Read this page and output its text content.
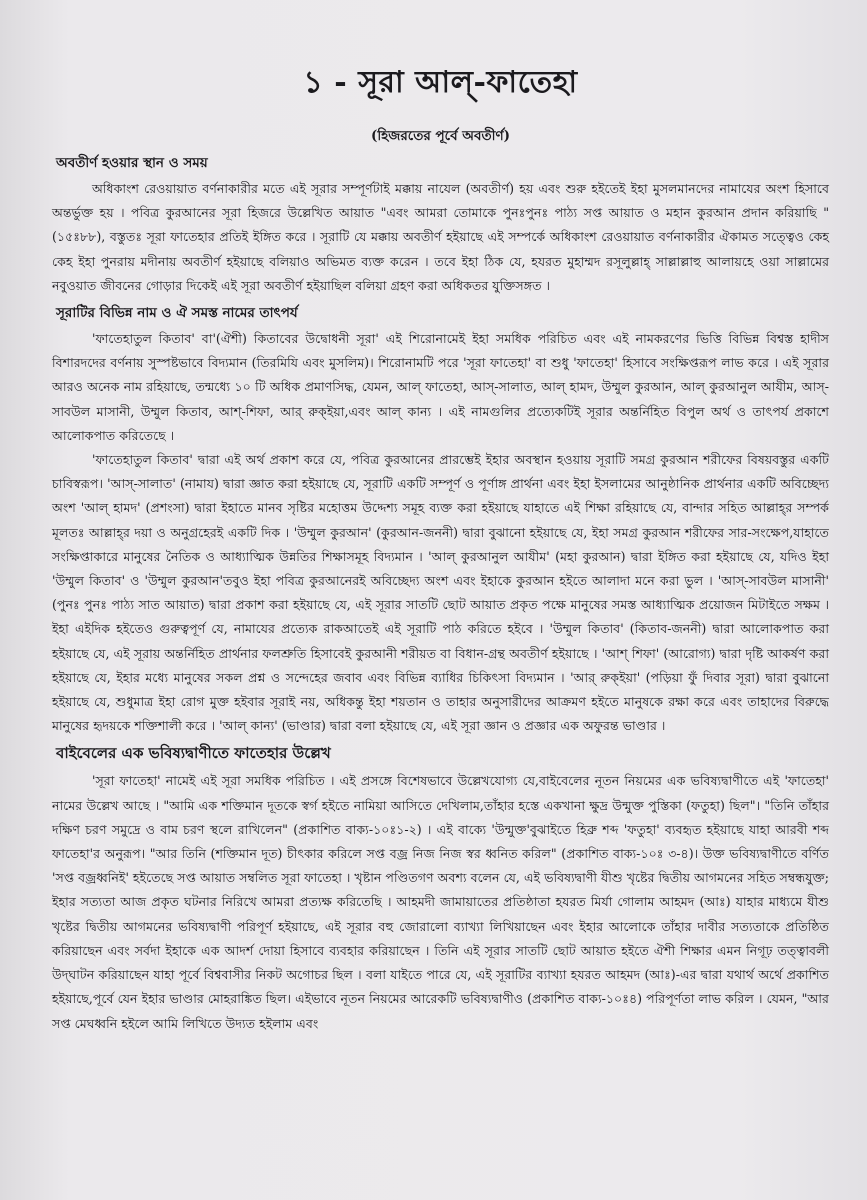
১ - সূরা আল্-ফাতেহা
(হিজরতের পূর্বে অবতীর্ণ)
অবতীর্ণ হওয়ার স্থান ও সময়

অধিকাংশ রেওয়ায়াত বর্ণনাকারীর মতে এই সূরার সম্পূর্ণটাই মক্কায় নাযেল (অবতীর্ণ) হয় এবং শুরু হইতেই ইহা মুসলমানদের নামাযের অংশ হিসাবে অন্তর্ভুক্ত হয় । পবিত্র কুরআনের সূরা হিজরে উল্লেখিত আয়াত "এবং আমরা তোমাকে পুনঃপুনঃ পাঠ্য সপ্ত আয়াত ও মহান কুরআন প্রদান করিয়াছি " (১৫ঃ৮৮), বস্তুতঃ সূরা ফাতেহার প্রতিই ইঙ্গিত করে । সূরাটি যে মক্কায় অবতীর্ণ হইয়াছে এই সম্পর্কে অধিকাংশ রেওয়ায়াত বর্ণনাকারীর ঐকামত সত্ত্বেও কেহ কেহ ইহা পুনরায় মদীনায় অবতীর্ণ হইয়াছে বলিয়াও অভিমত ব্যক্ত করেন । তবে ইহা ঠিক যে, হযরত মুহাম্মদ রসূলুল্লাহ্‌ সাল্লাল্লাহু আলায়হে ওয়া সাল্লামের নবুওয়াত জীবনের গোড়ার দিকেই এই সূরা অবতীর্ণ হইয়াছিল বলিয়া গ্রহণ করা অধিকতর যুক্তিসঙ্গত ।

সূরাটির বিভিন্ন নাম ও ঐ সমস্ত নামের তাৎপর্য

'ফাতেহাতুল কিতাব' বা'(ঐশী) কিতাবের উদ্বোধনী সূরা' এই শিরোনামেই ইহা সমধিক পরিচিত এবং এই নামকরণের ভিত্তি বিভিন্ন বিশ্বস্ত হাদীস বিশারদদের বর্ণনায় সুস্পষ্টভাবে বিদ্যমান (তিরমিযি এবং মুসলিম)। শিরোনামটি পরে 'সূরা ফাতেহা' বা শুধু 'ফাতেহা' হিসাবে সংক্ষিপ্তরূপ লাভ করে । এই সূরার আরও অনেক নাম রহিয়াছে, তন্মধ্যে ১০ টি অধিক প্রমাণসিদ্ধ, যেমন, আল্ ফাতেহা, আস্-সালাত, আল্ হামদ, উম্মুল কুরআন, আল্ কুরআনুল আযীম, আস্-সাবউল মাসানী, উম্মুল কিতাব, আশ্-শিফা, আর্ রুক্ইয়া,এবং আল্ কান্য । এই নামগুলির প্রত্যেকটিই সূরার অন্তর্নিহিত বিপুল অর্থ ও তাৎপর্য প্রকাশে আলোকপাত করিতেছে ।

'ফাতেহাতুল কিতাব' দ্বারা এই অর্থ প্রকাশ করে যে, পবিত্র কুরআনের প্রারম্ভেই ইহার অবস্থান হওয়ায় সূরাটি সমগ্র কুরআন শরীফের বিষয়বস্তুর একটি চাবিস্বরূপ। 'আস্-সালাত' (নামায) দ্বারা জ্ঞাত করা হইয়াছে যে, সূরাটি একটি সম্পূর্ণ ও পূর্ণাঙ্গ প্রার্থনা এবং ইহা ইসলামের আনুষ্ঠানিক প্রার্থনার একটি অবিচ্ছেদ্য অংশ 'আল্ হামদ' (প্রশংসা) দ্বারা ইহাতে মানব সৃষ্টির মহোত্তম উদ্দেশ্য সমূহ ব্যক্ত করা হইয়াছে যাহাতে এই শিক্ষা রহিয়াছে যে, বান্দার সহিত আল্লাহ্‌র সম্পর্ক মূলতঃ আল্লাহ্‌র দয়া ও অনুগ্রহেরই একটি দিক । 'উম্মুল কুরআন' (কুরআন-জননী) দ্বারা বুঝানো হইয়াছে যে, ইহা সমগ্র কুরআন শরীফের সার-সংক্ষেপ,যাহাতে সংক্ষিপ্তাকারে মানুষের নৈতিক ও আধ্যাত্মিক উন্নতির শিক্ষাসমূহ বিদ্যমান । 'আল্ কুরআনুল আযীম' (মহা কুরআন) দ্বারা ইঙ্গিত করা হইয়াছে যে, যদিও ইহা 'উম্মুল কিতাব' ও 'উম্মুল কুরআন'তবুও ইহা পবিত্র কুরআনেরই অবিচ্ছেদ্য অংশ এবং ইহাকে কুরআন হইতে আলাদা মনে করা ভুল । 'আস্-সাবউল মাসানী' (পুনঃ পুনঃ পাঠ্য সাত আয়াত) দ্বারা প্রকাশ করা হইয়াছে যে, এই সূরার সাতটি ছোট আয়াত প্রকৃত পক্ষে মানুষের সমস্ত আধ্যাত্মিক প্রয়োজন মিটাইতে সক্ষম । ইহা এইদিক হইতেও গুরুত্বপূর্ণ যে, নামাযের প্রত্যেক রাকআতেই এই সূরাটি পাঠ করিতে হইবে । 'উম্মুল কিতাব' (কিতাব-জননী) দ্বারা আলোকপাত করা হইয়াছে যে, এই সূরায় অন্তর্নিহিত প্রার্থনার ফলশ্রুতি হিসাবেই কুরআনী শরীয়ত বা বিধান-গ্রন্থ অবতীর্ণ হইয়াছে । 'আশ্ শিফা' (আরোগ্য) দ্বারা দৃষ্টি আকর্ষণ করা হইয়াছে যে, ইহার মধ্যে মানুষের সকল প্রশ্ন ও সন্দেহের জবাব এবং বিভিন্ন ব্যাধির চিকিৎসা বিদ্যমান । 'আর্ রুক্ইয়া' (পড়িয়া ফুঁ দিবার সূরা) দ্বারা বুঝানো হইয়াছে যে, শুধুমাত্র ইহা রোগ মুক্ত হইবার সূরাই নয়, অধিকন্তু ইহা শয়তান ও তাহার অনুসারীদের আক্রমণ হইতে মানুষকে রক্ষা করে এবং তাহাদের বিরুদ্ধে মানুষের হৃদয়কে শক্তিশালী করে । 'আল্ কান্য' (ভাণ্ডার) দ্বারা বলা হইয়াছে যে, এই সূরা জ্ঞান ও প্রজ্ঞার এক অফুরন্ত ভাণ্ডার ।

বাইবেলের এক ভবিষ্যদ্বাণীতে ফাতেহার উল্লেখ

'সূরা ফাতেহা' নামেই এই সূরা সমধিক পরিচিত । এই প্রসঙ্গে বিশেষভাবে উল্লেখযোগ্য যে,বাইবেলের নূতন নিয়মের এক ভবিষ্যদ্বাণীতে এই 'ফাতেহা' নামের উল্লেখ আছে । "আমি এক শক্তিমান দূতকে স্বর্গ হইতে নামিয়া আসিতে দেখিলাম,তাঁহার হস্তে একখানা ক্ষুদ্র উন্মুক্ত পুস্তিকা (ফতুহা) ছিল"। "তিনি তাঁহার দক্ষিণ চরণ সমুদ্রে ও বাম চরণ স্থলে রাখিলেন" (প্রকাশিত বাক্য-১০ঃ১-২) । এই বাক্যে 'উন্মুক্ত'বুঝাইতে হিব্রু শব্দ 'ফতুহা' ব্যবহৃত হইয়াছে যাহা আরবী শব্দ ফাতেহা'র অনুরূপ। "আর তিনি (শক্তিমান দূত) চীৎকার করিলে সপ্ত বজ্র নিজ নিজ স্বর ধ্বনিত করিল" (প্রকাশিত বাক্য-১০ঃ ৩-৪)। উক্ত ভবিষ্যদ্বাণীতে বর্ণিত 'সপ্ত বজ্রধ্বনিই' হইতেছে সপ্ত আয়াত সম্বলিত সূরা ফাতেহা । খৃষ্টান পণ্ডিতগণ অবশ্য বলেন যে, এই ভবিষ্যদ্বাণী যীশু খৃষ্টের দ্বিতীয় আগমনের সহিত সম্বন্ধযুক্ত; ইহার সত্যতা আজ প্রকৃত ঘটনার নিরিখে আমরা প্রত্যক্ষ করিতেছি । আহমদী জামায়াতের প্রতিষ্ঠাতা হযরত মির্যা গোলাম আহমদ (আঃ) যাহার মাধ্যমে যীশু খৃষ্টের দ্বিতীয় আগমনের ভবিষ্যদ্বাণী পরিপূর্ণ হইয়াছে, এই সূরার বহু জোরালো ব্যাখ্যা লিখিয়াছেন এবং ইহার আলোকে তাঁহার দাবীর সত্যতাকে প্রতিষ্ঠিত করিয়াছেন এবং সর্বদা ইহাকে এক আদর্শ দোয়া হিসাবে ব্যবহার করিয়াছেন । তিনি এই সূরার সাতটি ছোট আয়াত হইতে ঐশী শিক্ষার এমন নিগূঢ় তত্ত্বাবলী উদ্‌ঘাটন করিয়াছেন যাহা পূর্বে বিশ্ববাসীর নিকট অগোচর ছিল । বলা যাইতে পারে যে, এই সূরাটির ব্যাখ্যা হযরত আহমদ (আঃ)-এর দ্বারা যথার্থ অর্থে প্রকাশিত হইয়াছে,পূর্বে যেন ইহার ভাণ্ডার মোহরাঙ্কিত ছিল। এইভাবে নূতন নিয়মের আরেকটি ভবিষ্যদ্বাণীও (প্রকাশিত বাক্য-১০ঃ৪) পরিপূর্ণতা লাভ করিল । যেমন, "আর সপ্ত মেঘধ্বনি হইলে আমি লিখিতে উদ্যত হইলাম এবং
